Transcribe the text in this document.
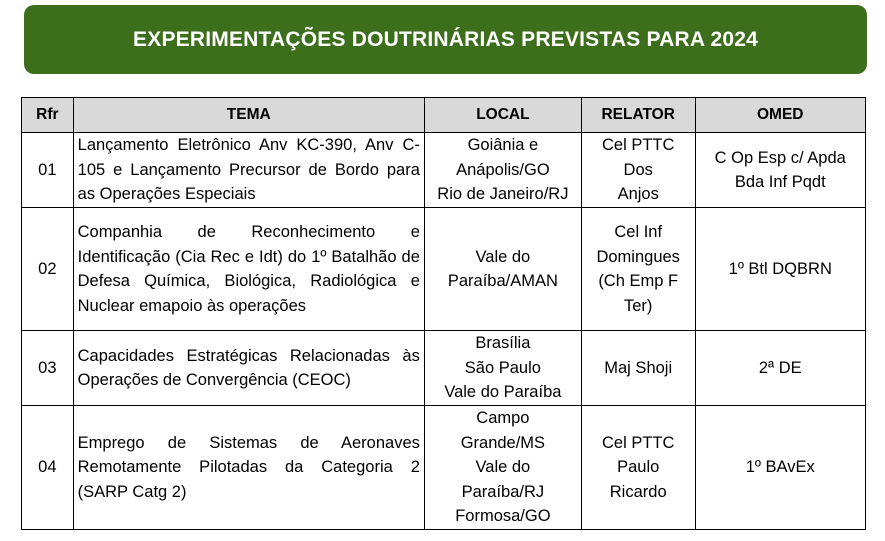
EXPERIMENTAÇÕES DOUTRINÁRIAS PREVISTAS PARA 2024
Rfr	TEMA	LOCAL	RELATOR	OMED
01	Lançamento Eletrônico Anv KC-390, Anv C-105 e Lançamento Precursor de Bordo para as Operações Especiais	Goiânia e
Anápolis/GO
Rio de Janeiro/RJ	Cel PTTC Dos
Anjos	C Op Esp c/ Apda
Bda Inf Pqdt

02	Companhia de Reconhecimento e Identificação (Cia Rec e Idt) do 1º Batalhão de Defesa Química, Biológica, Radiológica e Nuclear emapoio às operações	Vale do
Paraíba/AMAN	Cel Inf
Domingues
(Ch Emp F
Ter)	1º Btl DQBRN

03	Capacidades Estratégicas Relacionadas às Operações de Convergência (CEOC)	Brasília
São Paulo
Vale do Paraíba	Maj Shoji	2ª DE

04	Emprego de Sistemas de Aeronaves Remotamente Pilotadas da Categoria 2 (SARP Catg 2)	Campo
Grande/MS
Vale do
Paraíba/RJ
Formosa/GO	Cel PTTC
Paulo
Ricardo	1º BAvEx
